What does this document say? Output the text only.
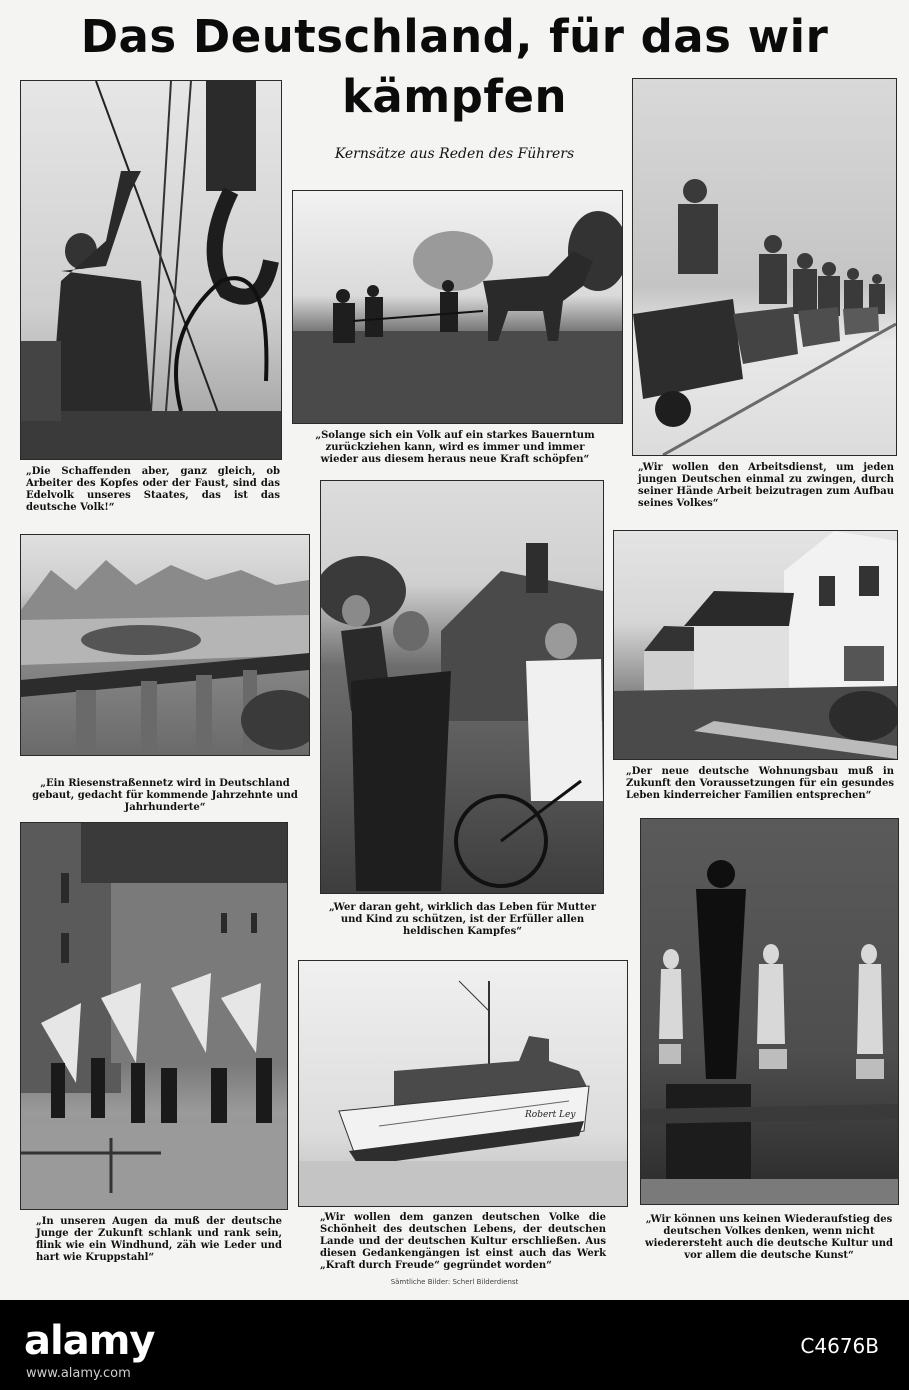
Das Deutschland, für das wir
kämpfen
Kernsätze aus Reden des Führers
„Die Schaffenden aber, ganz gleich, ob Arbeiter des Kopfes oder der Faust, sind das Edelvolk unseres Staates, das ist das deutsche Volk!“
„Solange sich ein Volk auf ein starkes Bauerntum zurückziehen kann, wird es immer und immer wieder aus diesem heraus neue Kraft schöpfen“
„Wir wollen den Arbeitsdienst, um jeden jungen Deutschen einmal zu zwingen, durch seiner Hände Arbeit beizutragen zum Aufbau seines Volkes“
„Ein Riesenstraßennetz wird in Deutschland gebaut, gedacht für kommende Jahrzehnte und Jahrhunderte“
„Wer daran geht, wirklich das Leben für Mutter und Kind zu schützen, ist der Erfüller allen heldischen Kampfes“
„Der neue deutsche Wohnungsbau muß in Zukunft den Voraussetzungen für ein gesundes Leben kinderreicher Familien entsprechen“
„In unseren Augen da muß der deutsche Junge der Zukunft schlank und rank sein, flink wie ein Windhund, zäh wie Leder und hart wie Kruppstahl“
Robert Ley
„Wir wollen dem ganzen deutschen Volke die Schönheit des deutschen Lebens, der deutschen Lande und der deutschen Kultur erschließen. Aus diesen Gedankengängen ist einst auch das Werk „Kraft durch Freude“ gegründet worden“
„Wir können uns keinen Wiederaufstieg des deutschen Volkes denken, wenn nicht wiederersteht auch die deutsche Kultur und vor allem die deutsche Kunst“
Sämtliche Bilder: Scherl Bilderdienst
alamy	C4676B
www.alamy.com
